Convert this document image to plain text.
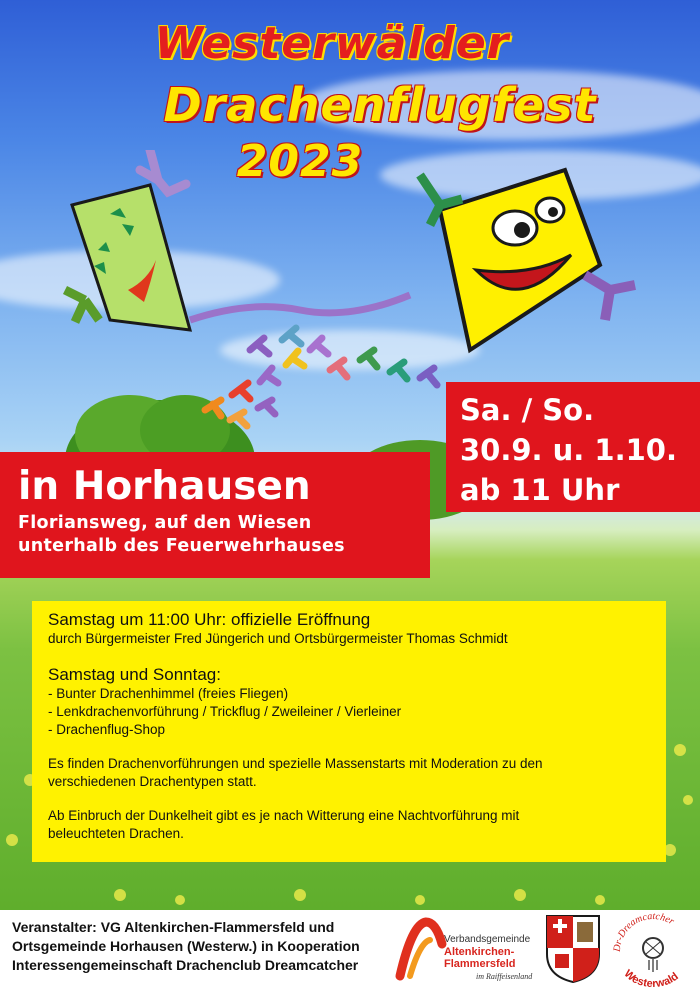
Westerwälder
Drachenflugfest
2023
Sa. / So.
30.9. u. 1.10.
ab 11 Uhr
in Horhausen
Floriansweg, auf den Wiesen
unterhalb des Feuerwehrhauses
Samstag um 11:00 Uhr: offizielle Eröffnung
durch Bürgermeister Fred Jüngerich und Ortsbürgermeister Thomas Schmidt
Samstag und Sonntag:
- Bunter Drachenhimmel (freies Fliegen)
- Lenkdrachenvorführung / Trickflug / Zweileiner / Vierleiner
- Drachenflug-Shop
Es finden Drachenvorführungen und spezielle Massenstarts mit Moderation zu den
verschiedenen Drachentypen statt.
Ab Einbruch der Dunkelheit gibt es je nach Witterung eine Nachtvorführung mit
beleuchteten Drachen.
Veranstalter: VG Altenkirchen-Flammersfeld und
Ortsgemeinde Horhausen (Westerw.) in Kooperation
Interessengemeinschaft Drachenclub Dreamcatcher
Verbandsgemeinde
Altenkirchen-
Flammersfeld
im Raiffeisenland
Dr-Dreamcatcher
Westerwald
